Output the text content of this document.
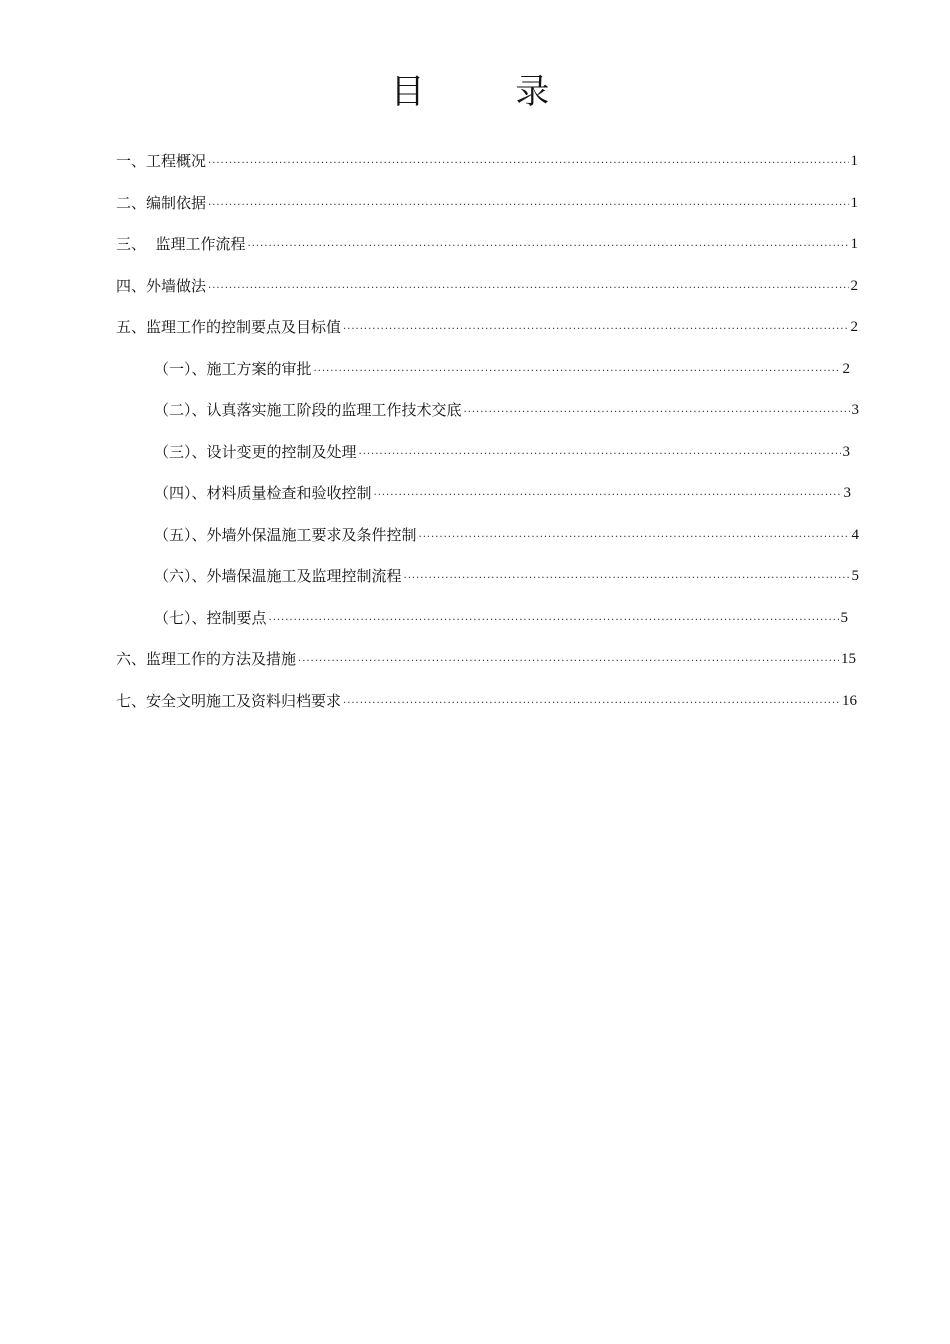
目 录
一、工程概况 .....	1
二、编制依据 .....	1
三、  监理工作流程 .....	1
四、外墙做法 .....	2
五、监理工作的控制要点及目标值 .....	2
（一）、施工方案的审批 .....	2
（二）、认真落实施工阶段的监理工作技术交底 .....	3
（三）、设计变更的控制及处理 .....	3
（四）、材料质量检查和验收控制 .....	3
（五）、外墙外保温施工要求及条件控制 .....	4
（六）、外墙保温施工及监理控制流程 .....	5
（七）、控制要点 .....	5
六、监理工作的方法及措施 .....	15
七、安全文明施工及资料归档要求 .....	16
